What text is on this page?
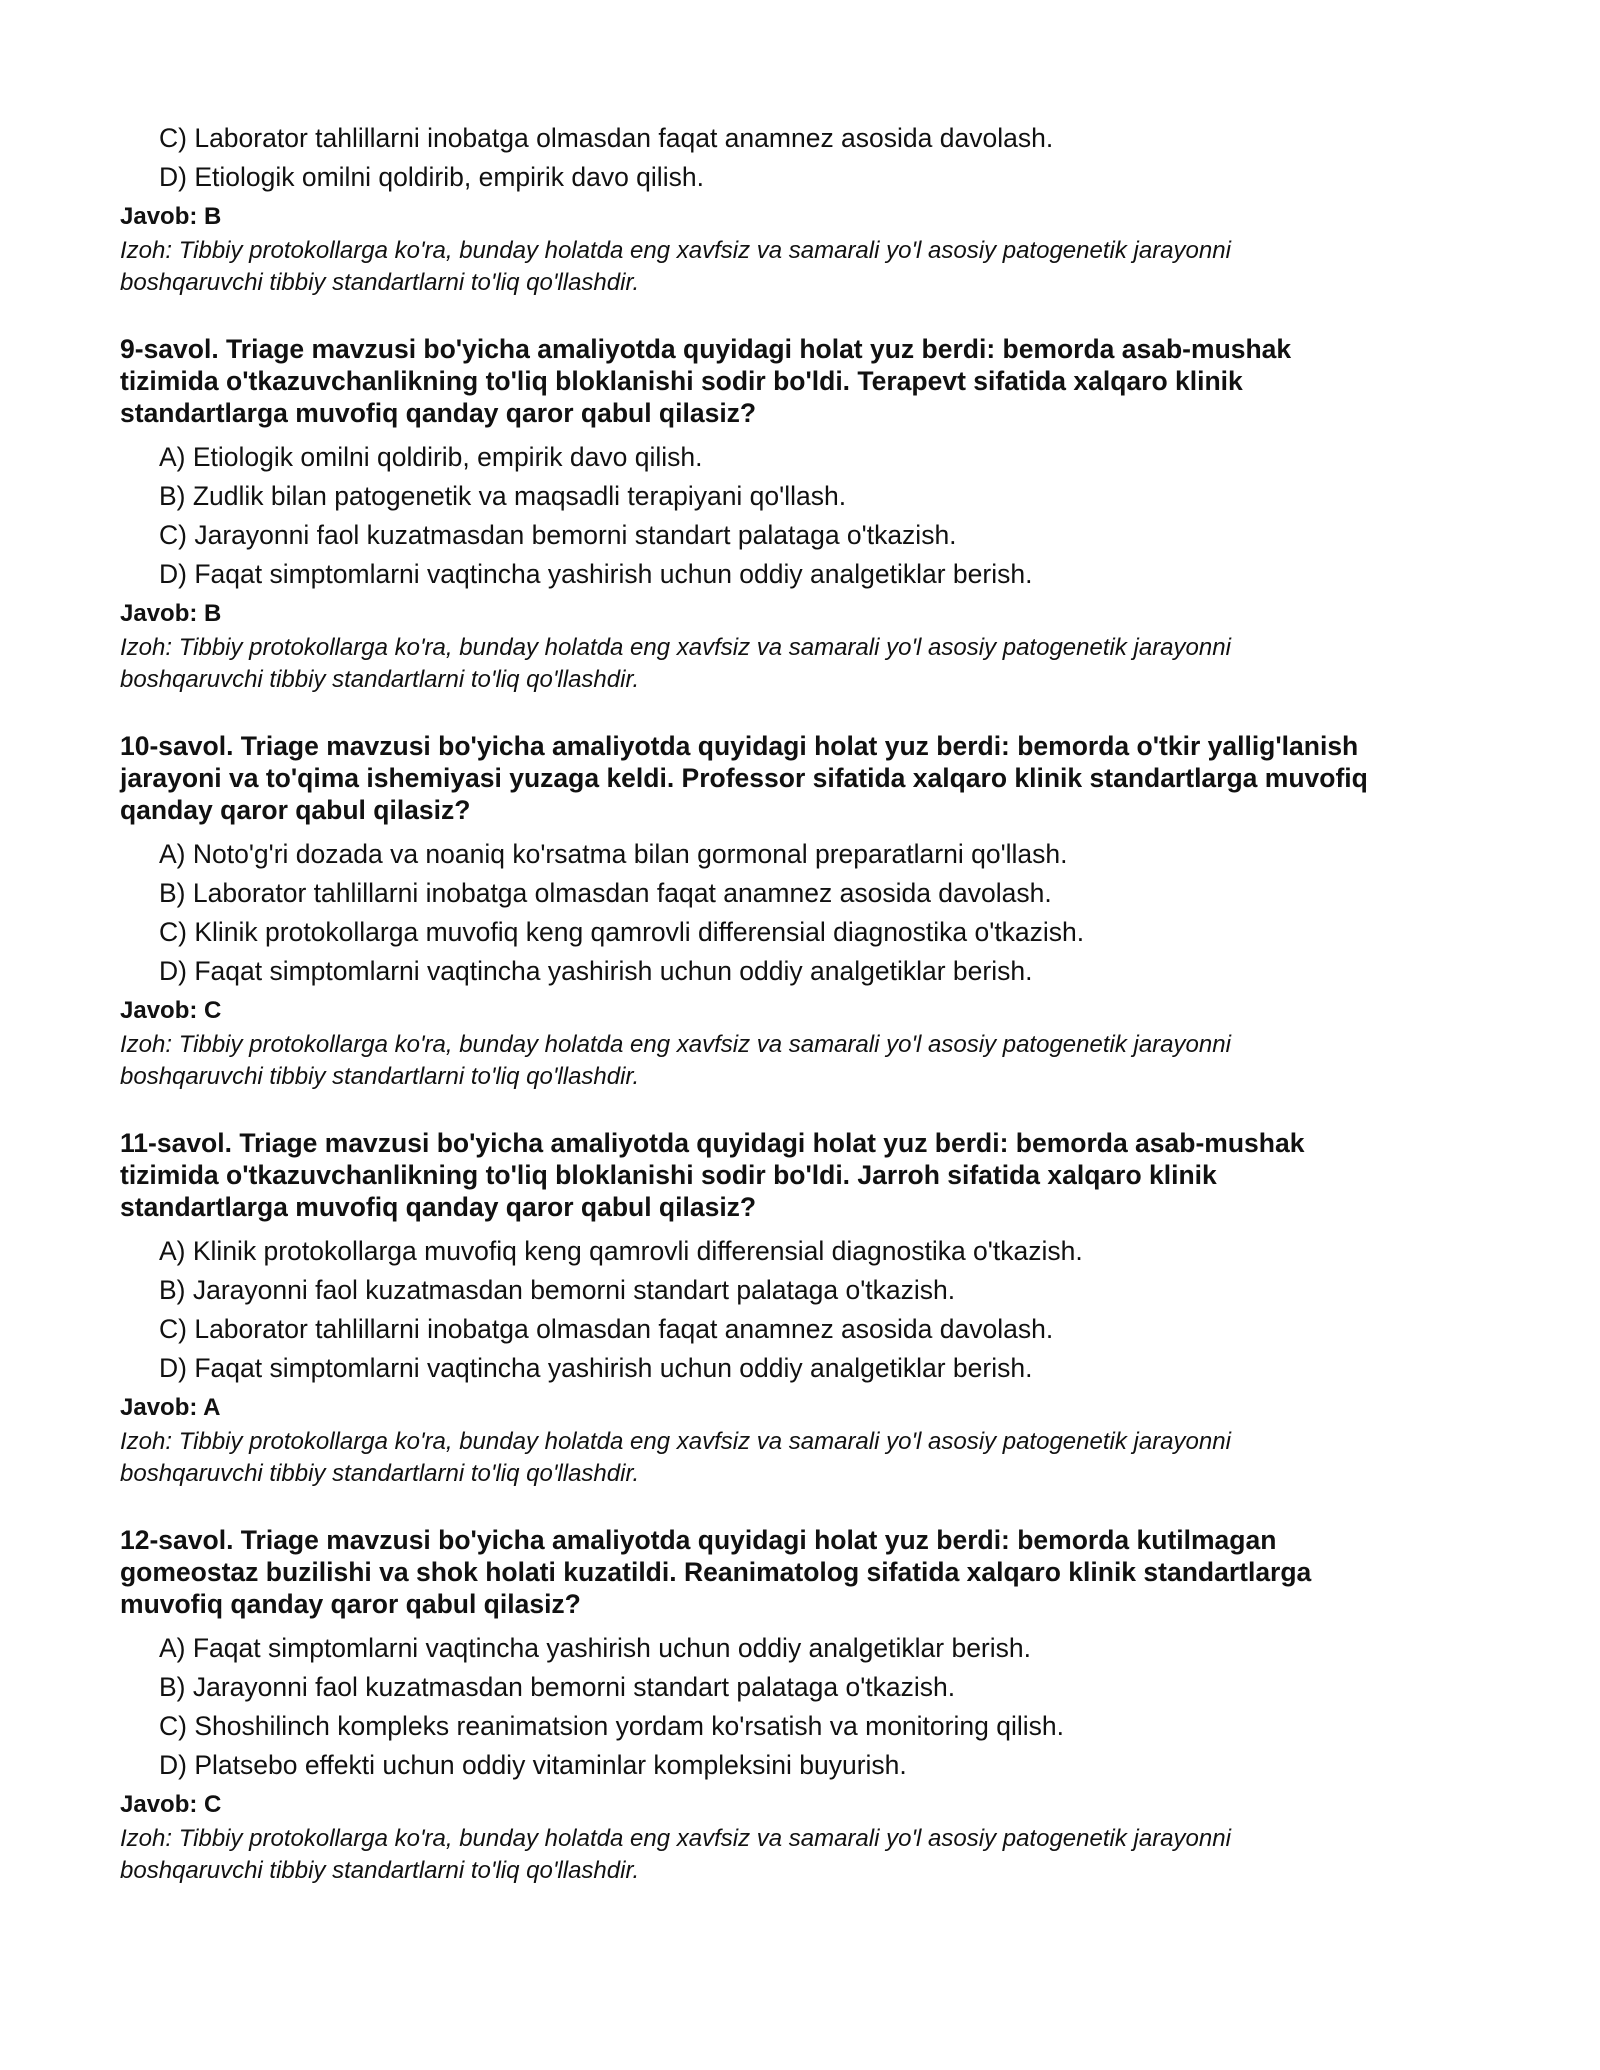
C) Laborator tahlillarni inobatga olmasdan faqat anamnez asosida davolash.
D) Etiologik omilni qoldirib, empirik davo qilish.
Javob: B
Izoh: Tibbiy protokollarga ko'ra, bunday holatda eng xavfsiz va samarali yo'l asosiy patogenetik jarayonni
boshqaruvchi tibbiy standartlarni to'liq qo'llashdir.
9-savol. Triage mavzusi bo'yicha amaliyotda quyidagi holat yuz berdi: bemorda asab-mushak
tizimida o'tkazuvchanlikning to'liq bloklanishi sodir bo'ldi. Terapevt sifatida xalqaro klinik
standartlarga muvofiq qanday qaror qabul qilasiz?
A) Etiologik omilni qoldirib, empirik davo qilish.
B) Zudlik bilan patogenetik va maqsadli terapiyani qo'llash.
C) Jarayonni faol kuzatmasdan bemorni standart palataga o'tkazish.
D) Faqat simptomlarni vaqtincha yashirish uchun oddiy analgetiklar berish.
Javob: B
Izoh: Tibbiy protokollarga ko'ra, bunday holatda eng xavfsiz va samarali yo'l asosiy patogenetik jarayonni
boshqaruvchi tibbiy standartlarni to'liq qo'llashdir.
10-savol. Triage mavzusi bo'yicha amaliyotda quyidagi holat yuz berdi: bemorda o'tkir yallig'lanish
jarayoni va to'qima ishemiyasi yuzaga keldi. Professor sifatida xalqaro klinik standartlarga muvofiq
qanday qaror qabul qilasiz?
A) Noto'g'ri dozada va noaniq ko'rsatma bilan gormonal preparatlarni qo'llash.
B) Laborator tahlillarni inobatga olmasdan faqat anamnez asosida davolash.
C) Klinik protokollarga muvofiq keng qamrovli differensial diagnostika o'tkazish.
D) Faqat simptomlarni vaqtincha yashirish uchun oddiy analgetiklar berish.
Javob: C
Izoh: Tibbiy protokollarga ko'ra, bunday holatda eng xavfsiz va samarali yo'l asosiy patogenetik jarayonni
boshqaruvchi tibbiy standartlarni to'liq qo'llashdir.
11-savol. Triage mavzusi bo'yicha amaliyotda quyidagi holat yuz berdi: bemorda asab-mushak
tizimida o'tkazuvchanlikning to'liq bloklanishi sodir bo'ldi. Jarroh sifatida xalqaro klinik
standartlarga muvofiq qanday qaror qabul qilasiz?
A) Klinik protokollarga muvofiq keng qamrovli differensial diagnostika o'tkazish.
B) Jarayonni faol kuzatmasdan bemorni standart palataga o'tkazish.
C) Laborator tahlillarni inobatga olmasdan faqat anamnez asosida davolash.
D) Faqat simptomlarni vaqtincha yashirish uchun oddiy analgetiklar berish.
Javob: A
Izoh: Tibbiy protokollarga ko'ra, bunday holatda eng xavfsiz va samarali yo'l asosiy patogenetik jarayonni
boshqaruvchi tibbiy standartlarni to'liq qo'llashdir.
12-savol. Triage mavzusi bo'yicha amaliyotda quyidagi holat yuz berdi: bemorda kutilmagan
gomeostaz buzilishi va shok holati kuzatildi. Reanimatolog sifatida xalqaro klinik standartlarga
muvofiq qanday qaror qabul qilasiz?
A) Faqat simptomlarni vaqtincha yashirish uchun oddiy analgetiklar berish.
B) Jarayonni faol kuzatmasdan bemorni standart palataga o'tkazish.
C) Shoshilinch kompleks reanimatsion yordam ko'rsatish va monitoring qilish.
D) Platsebo effekti uchun oddiy vitaminlar kompleksini buyurish.
Javob: C
Izoh: Tibbiy protokollarga ko'ra, bunday holatda eng xavfsiz va samarali yo'l asosiy patogenetik jarayonni
boshqaruvchi tibbiy standartlarni to'liq qo'llashdir.
